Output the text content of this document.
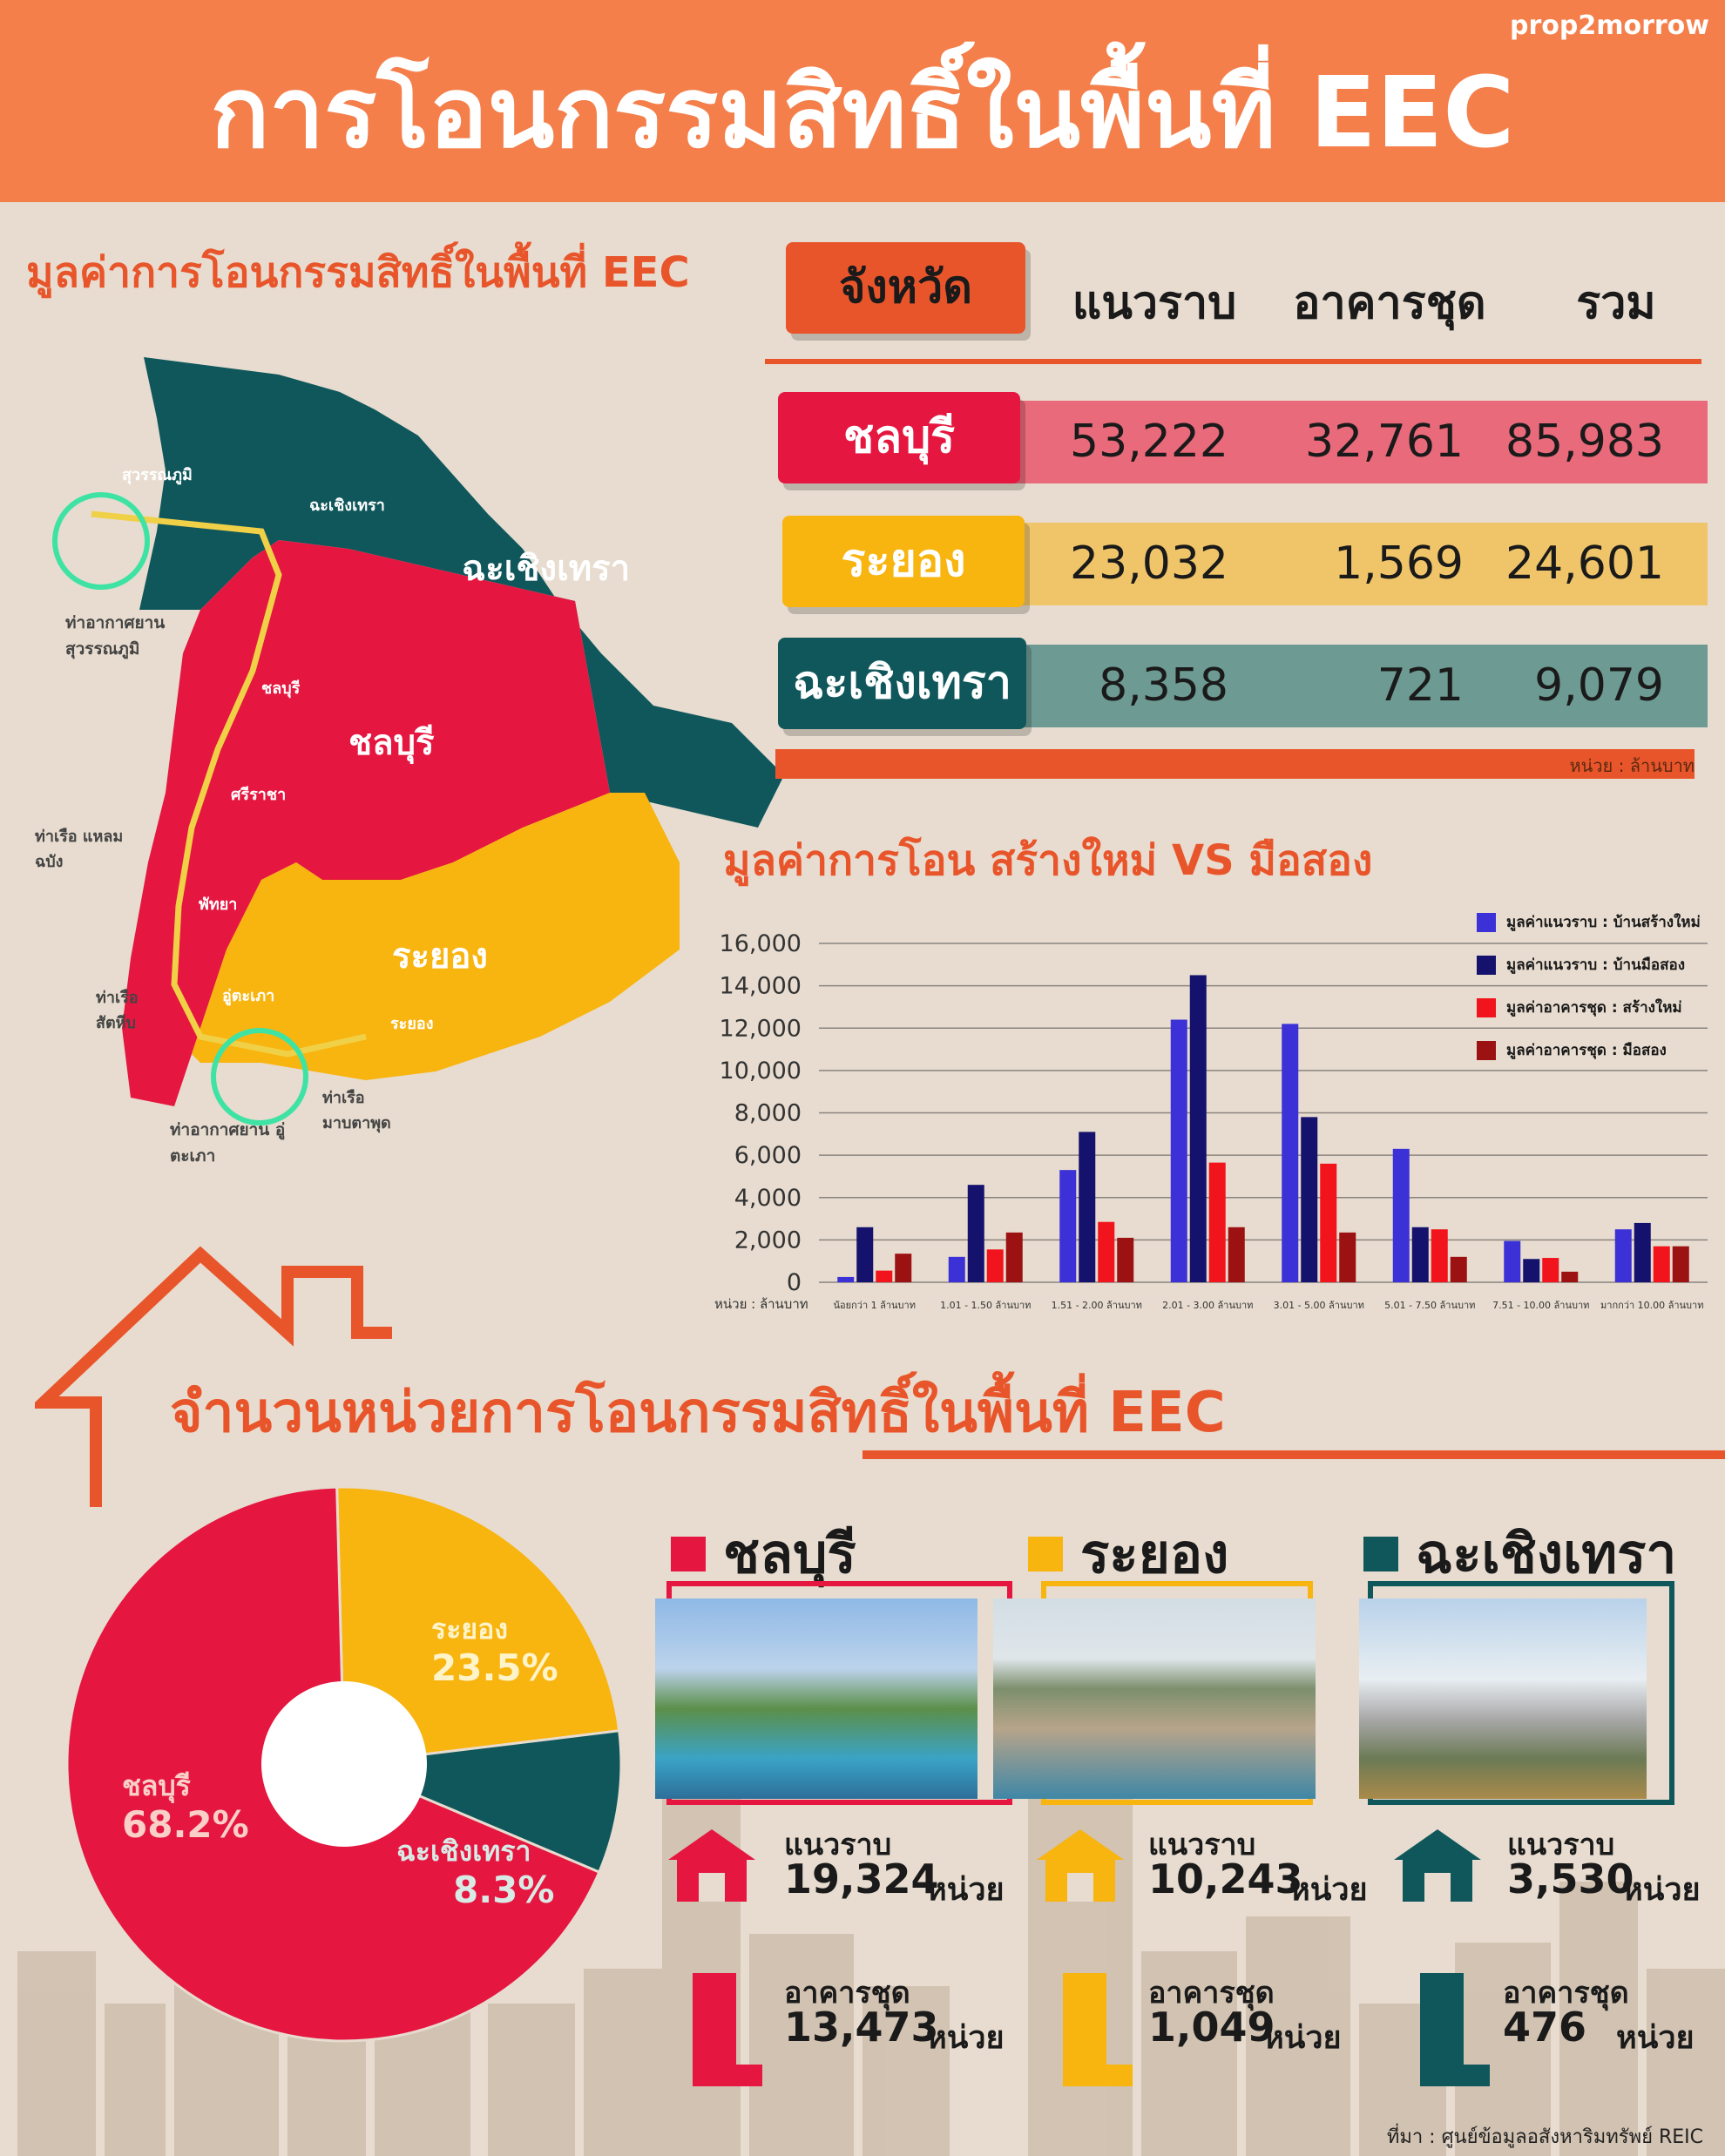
prop2morrow
การโอนกรรมสิทธิ์ในพื้นที่ EEC
มูลค่าการโอนกรรมสิทธิ์ในพื้นที่ EEC
ฉะเชิงเทรา
ชลบุรี
ระยอง
สุวรรณภูมิ
ฉะเชิงเทรา
ชลบุรี
ศรีราชา
พัทยา
อู่ตะเภา
ระยอง
ท่าเรือ แหลมฉบัง
ท่าเรือ สัตหีบ
ท่าเรือ มาบตาพุด
ท่าอากาศยาน สุวรรณภูมิ
ท่าอากาศยาน อู่ตะเภา
จังหวัด	แนวราบ	อาคารชุด	รวม
ชลบุรี	53,222	32,761 85,983
ระยอง	23,032	1,569 24,601
ฉะเชิงเทรา	8,358	721	9,079
หน่วย : ล้านบาท
มูลค่าการโอน สร้างใหม่ VS มือสอง
0
2,000
4,000
6,000
8,000
10,000
12,000
14,000
16,000
น้อยกว่า 1 ล้านบาท	1.01 - 1.50 ล้านบาท 1.51 - 2.00 ล้านบาท 2.01 - 3.00 ล้านบาท 3.01 - 5.00 ล้านบาท 5.01 - 7.50 ล้านบาท 7.51 - 10.00 ล้านบาท มากกว่า 10.00 ล้านบาท
หน่วย : ล้านบาท
มูลค่าแนวราบ : บ้านสร้างใหม่
มูลค่าแนวราบ : บ้านมือสอง
มูลค่าอาคารชุด : สร้างใหม่
มูลค่าอาคารชุด : มือสอง
จำนวนหน่วยการโอนกรรมสิทธิ์ในพื้นที่ EEC
ชลบุรี
68.2%
ระยอง
23.5%
ฉะเชิงเทรา
8.3%
ชลบุรี
แนวราบ
19,324
หน่วย
อาคารชุด
13,473
หน่วย
ระยอง
แนวราบ
10,243
หน่วย
อาคารชุด
1,049
หน่วย
ฉะเชิงเทรา
แนวราบ
3,530
หน่วย
อาคารชุด
476 หน่วย
ที่มา : ศูนย์ข้อมูลอสังหาริมทรัพย์ REIC
